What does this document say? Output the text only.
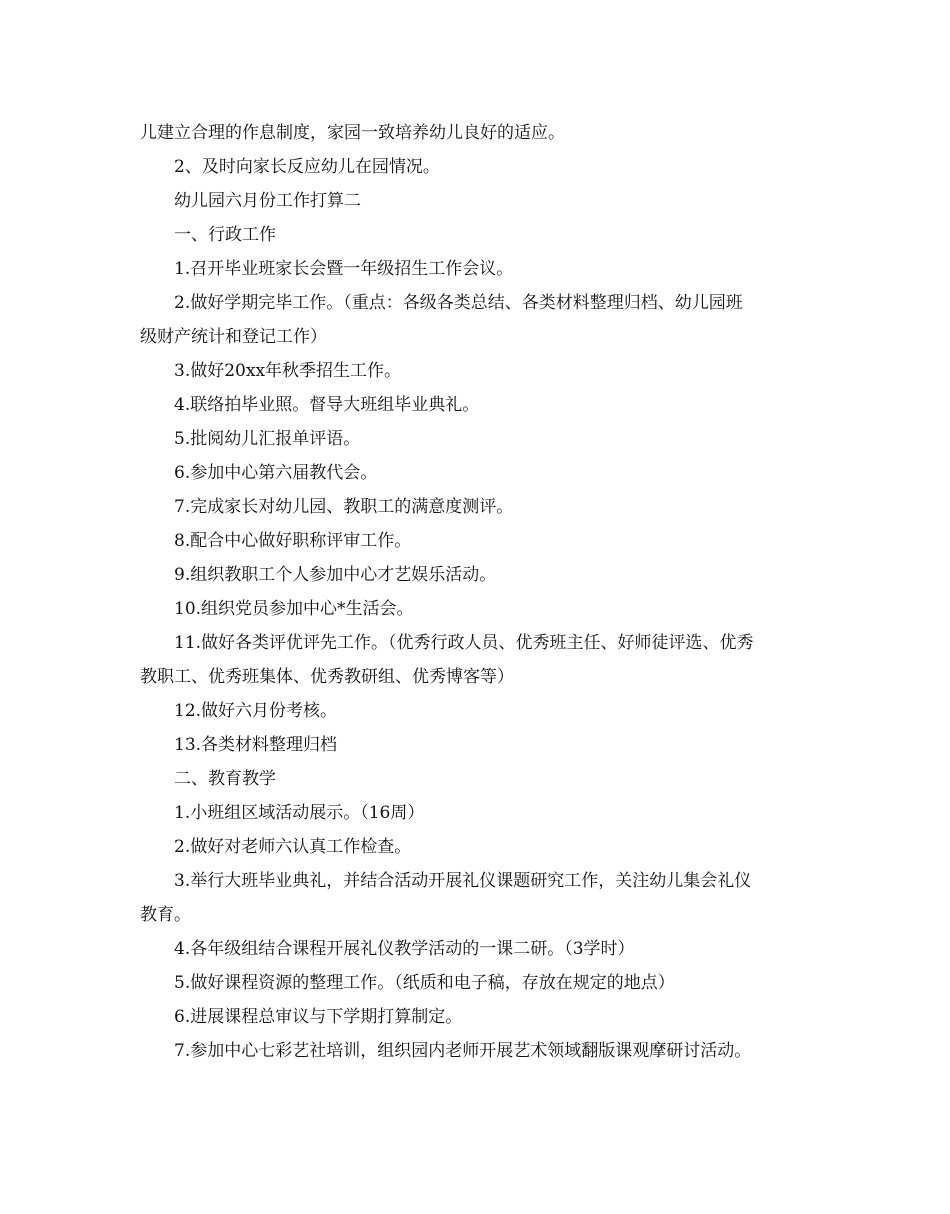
儿建立合理的作息制度，家园一致培养幼儿良好的适应。
2、及时向家长反应幼儿在园情况。
幼儿园六月份工作打算二
一、行政工作
1.召开毕业班家长会暨一年级招生工作会议。
2.做好学期完毕工作。（重点：各级各类总结、各类材料整理归档、幼儿园班
级财产统计和登记工作）
3.做好20xx年秋季招生工作。
4.联络拍毕业照。督导大班组毕业典礼。
5.批阅幼儿汇报单评语。
6.参加中心第六届教代会。
7.完成家长对幼儿园、教职工的满意度测评。
8.配合中心做好职称评审工作。
9.组织教职工个人参加中心才艺娱乐活动。
10.组织党员参加中心*生活会。
11.做好各类评优评先工作。（优秀行政人员、优秀班主任、好师徒评选、优秀
教职工、优秀班集体、优秀教研组、优秀博客等）
12.做好六月份考核。
13.各类材料整理归档
二、教育教学
1.小班组区域活动展示。（16周）
2.做好对老师六认真工作检查。
3.举行大班毕业典礼，并结合活动开展礼仪课题研究工作，关注幼儿集会礼仪
教育。
4.各年级组结合课程开展礼仪教学活动的一课二研。（3学时）
5.做好课程资源的整理工作。（纸质和电子稿，存放在规定的地点）
6.进展课程总审议与下学期打算制定。
7.参加中心七彩艺社培训，组织园内老师开展艺术领域翻版课观摩研讨活动。
